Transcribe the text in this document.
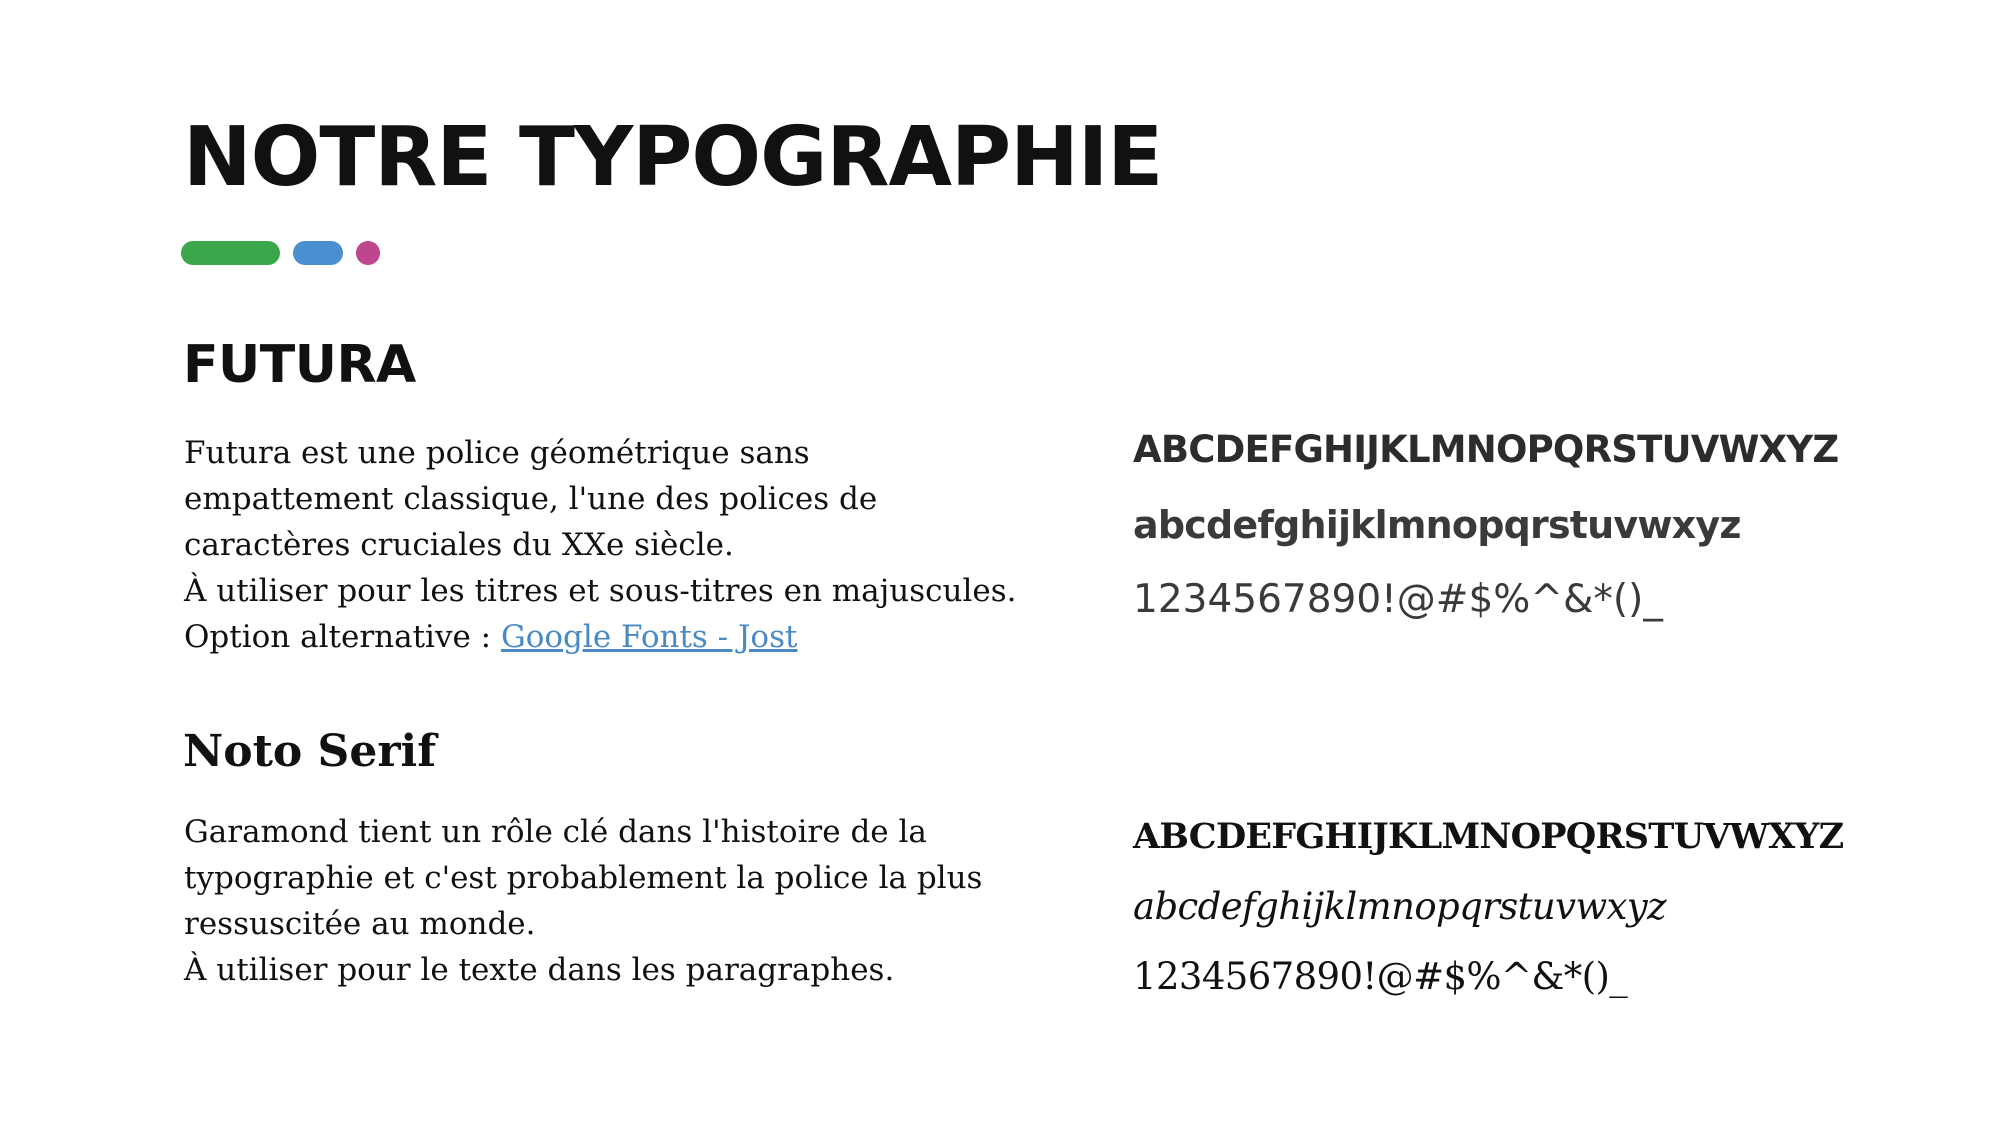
NOTRE TYPOGRAPHIE
FUTURA
Futura est une police géométrique sans
empattement classique, l'une des polices de
caractères cruciales du XXe siècle.
À utiliser pour les titres et sous-titres en majuscules.
Option alternative : Google Fonts - Jost
ABCDEFGHIJKLMNOPQRSTUVWXYZ
abcdefghijklmnopqrstuvwxyz
1234567890!@#$%^&*()_
Noto Serif
Garamond tient un rôle clé dans l'histoire de la
typographie et c'est probablement la police la plus
ressuscitée au monde.
À utiliser pour le texte dans les paragraphes.
ABCDEFGHIJKLMNOPQRSTUVWXYZ
abcdefghijklmnopqrstuvwxyz
1234567890!@#$%^&*()_
